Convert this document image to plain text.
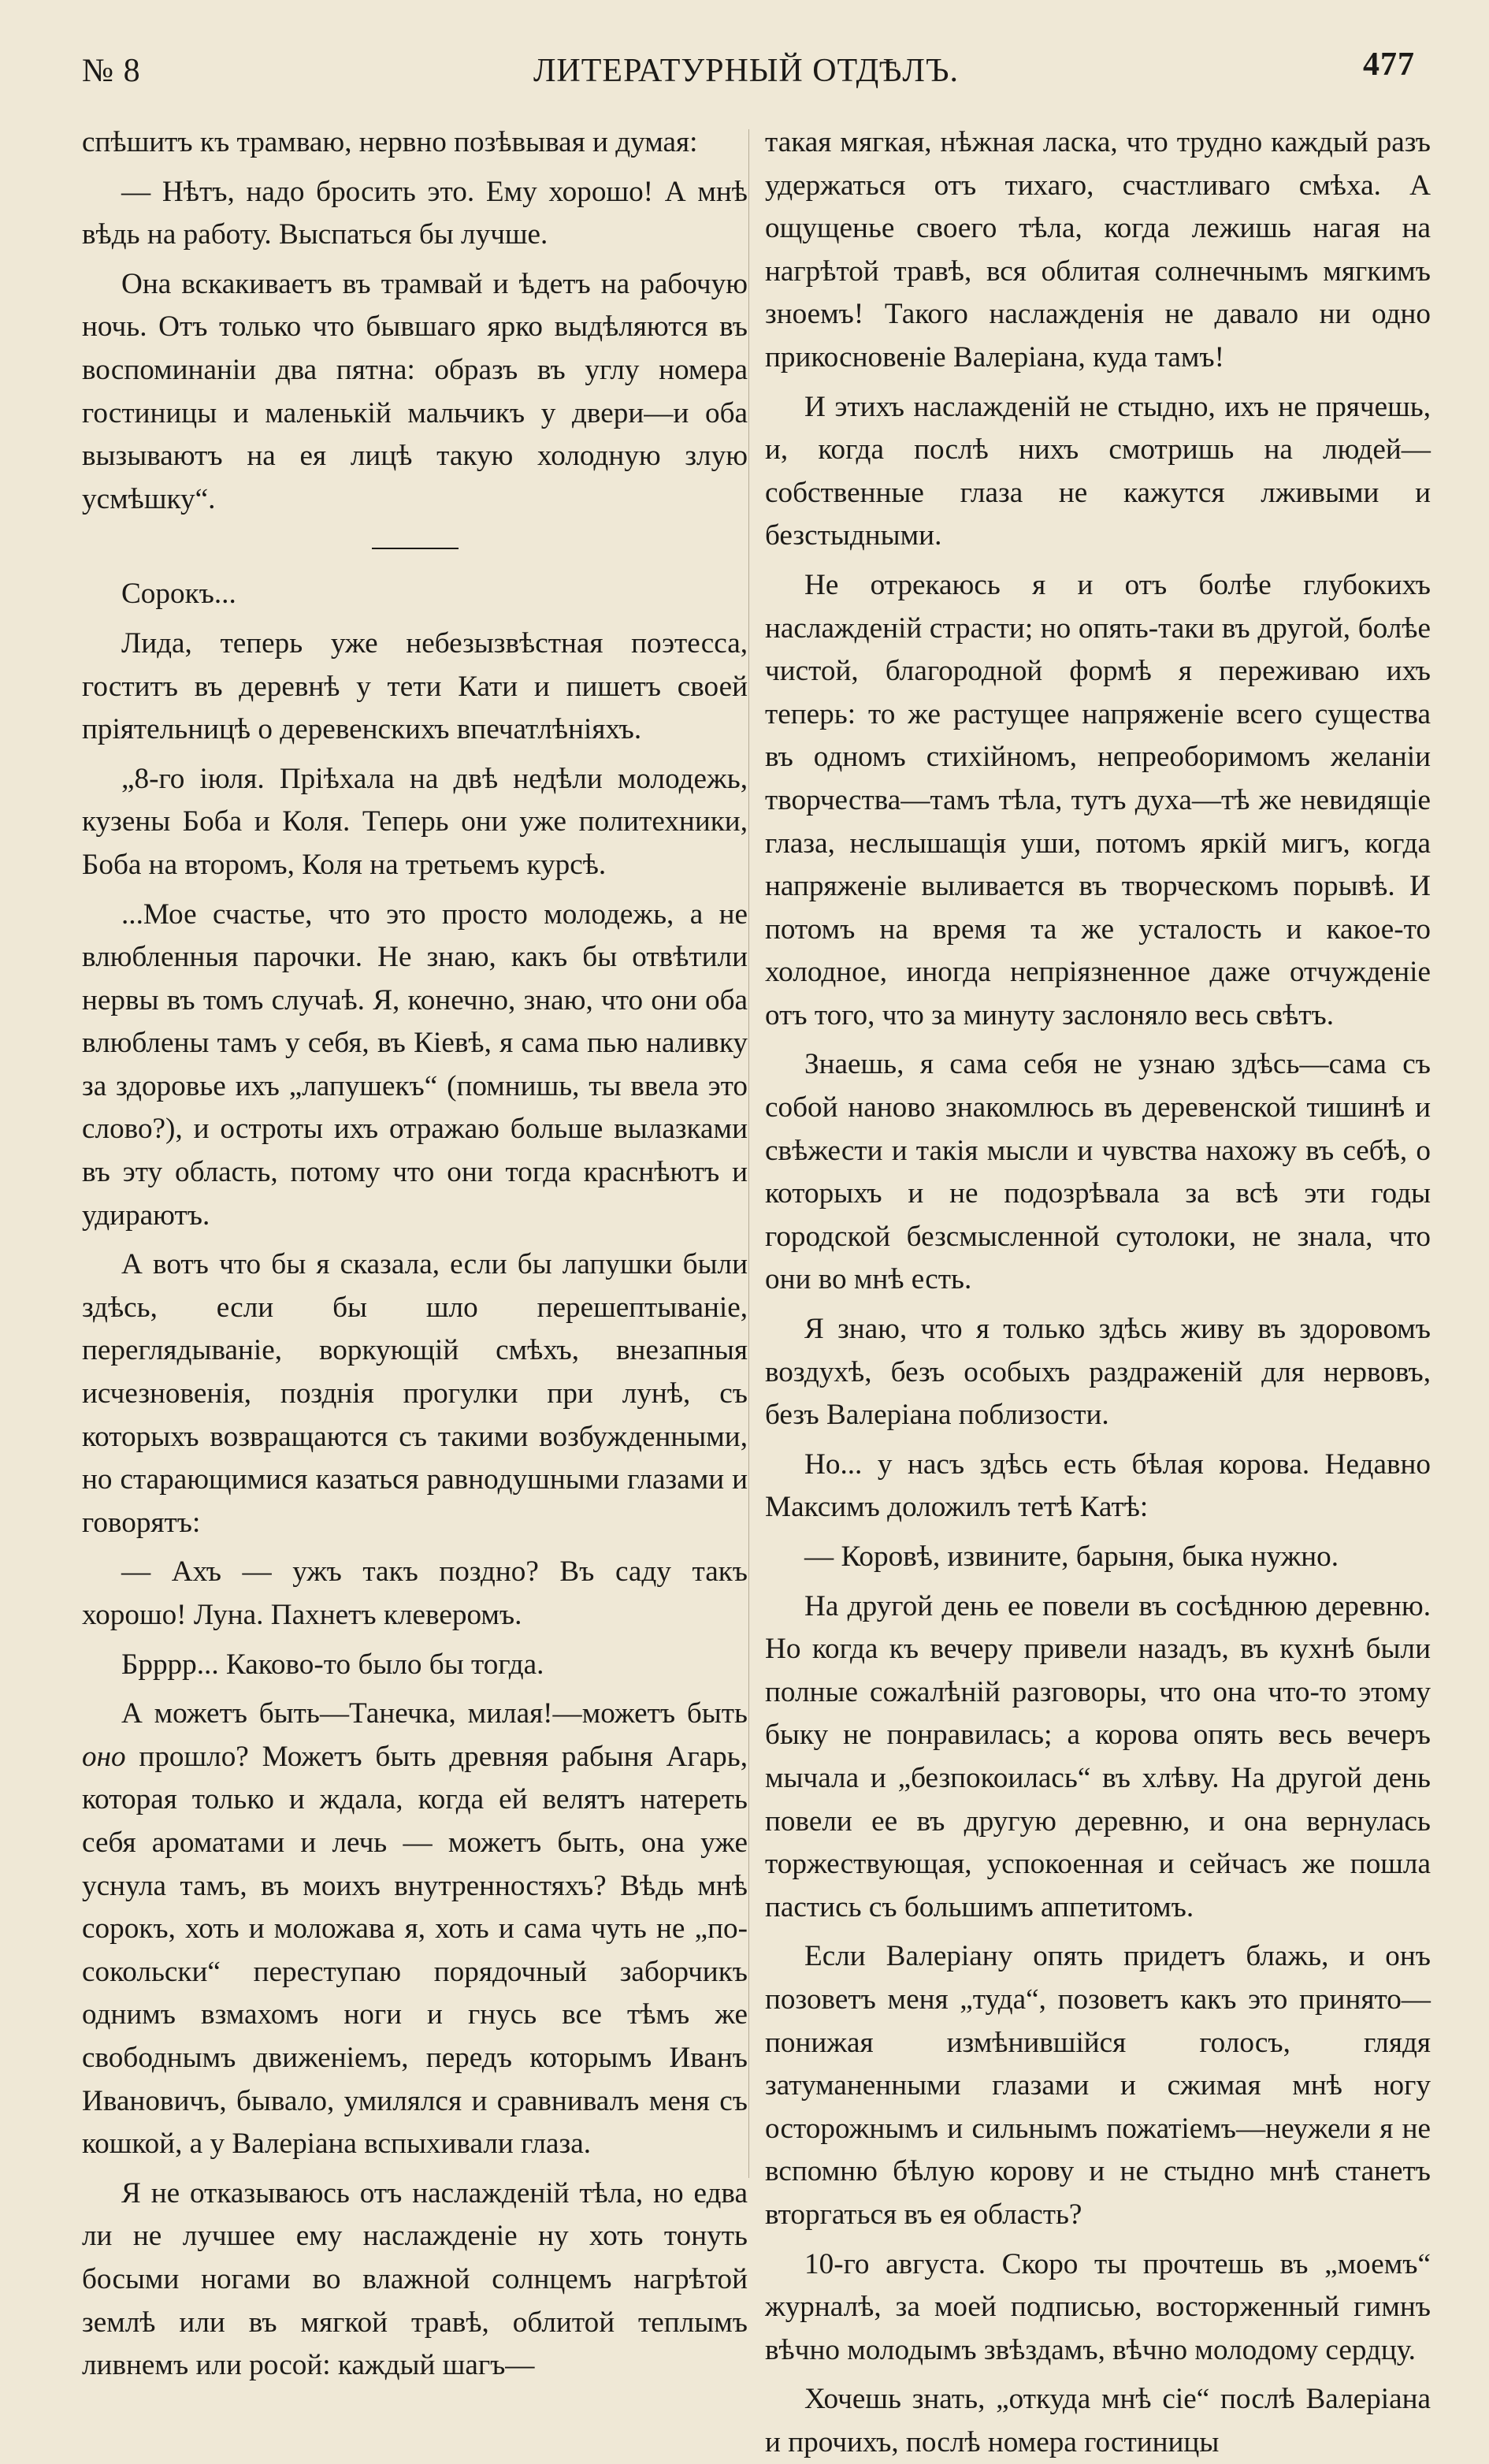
№ 8	ЛИТЕРАТУРНЫЙ ОТДѢЛЪ.	477

спѣшитъ къ трамваю, нервно позѣвывая и думая:

— Нѣтъ, надо бросить это. Ему хорошо! А мнѣ вѣдь на работу. Выспаться бы лучше.

Она вскакиваетъ въ трамвай и ѣдетъ на рабочую ночь. Отъ только что бывшаго ярко выдѣляются въ воспоминаніи два пятна: образъ въ углу номера гостиницы и маленькій мальчикъ у двери—и оба вызываютъ на ея лицѣ такую холодную злую усмѣшку“.

Сорокъ...

Лида, теперь уже небезызвѣстная поэтесса, гоститъ въ деревнѣ у тети Кати и пишетъ своей пріятельницѣ о деревенскихъ впечатлѣніяхъ.

„8-го іюля. Пріѣхала на двѣ недѣли молодежь, кузены Боба и Коля. Теперь они уже политехники, Боба на второмъ, Коля на третьемъ курсѣ.

...Мое счастье, что это просто молодежь, а не влюбленныя парочки. Не знаю, какъ бы отвѣтили нервы въ томъ случаѣ. Я, конечно, знаю, что они оба влюблены тамъ у себя, въ Кіевѣ, я сама пью наливку за здоровье ихъ „лапушекъ“ (помнишь, ты ввела это слово?), и остроты ихъ отражаю больше вылазками въ эту область, потому что они тогда краснѣютъ и удираютъ.

А вотъ что бы я сказала, если бы лапушки были здѣсь, если бы шло перешептываніе, переглядываніе, воркующій смѣхъ, внезапныя исчезновенія, позднія прогулки при лунѣ, съ которыхъ возвращаются съ такими возбужденными, но старающимися казаться равнодушными глазами и говорятъ:

— Ахъ — ужъ такъ поздно? Въ саду такъ хорошо! Луна. Пахнетъ клеверомъ.

Брррр... Каково-то было бы тогда.

А можетъ быть—Танечка, милая!—можетъ быть оно прошло? Можетъ быть древняя рабыня Агарь, которая только и ждала, когда ей велятъ натереть себя ароматами и лечь — можетъ быть, она уже уснула тамъ, въ моихъ внутренностяхъ? Вѣдь мнѣ сорокъ, хоть и моложава я, хоть и сама чуть не „по-сокольски“ переступаю порядочный заборчикъ однимъ взмахомъ ноги и гнусь все тѣмъ же свободнымъ движеніемъ, передъ которымъ Иванъ Ивановичъ, бывало, умилялся и сравнивалъ меня съ кошкой, а у Валеріана вспыхивали глаза.

Я не отказываюсь отъ наслажденій тѣла, но едва ли не лучшее ему наслажденіе ну хоть тонуть босыми ногами во влажной солнцемъ нагрѣтой землѣ или въ мягкой травѣ, облитой теплымъ ливнемъ или росой: каждый шагъ—

такая мягкая, нѣжная ласка, что трудно каждый разъ удержаться отъ тихаго, счастливаго смѣха. А ощущенье своего тѣла, когда лежишь нагая на нагрѣтой травѣ, вся облитая солнечнымъ мягкимъ зноемъ! Такого наслажденія не давало ни одно прикосновеніе Валеріана, куда тамъ!

И этихъ наслажденій не стыдно, ихъ не прячешь, и, когда послѣ нихъ смотришь на людей—собственные глаза не кажутся лживыми и безстыдными.

Не отрекаюсь я и отъ болѣе глубокихъ наслажденій страсти; но опять-таки въ другой, болѣе чистой, благородной формѣ я переживаю ихъ теперь: то же растущее напряженіе всего существа въ одномъ стихійномъ, непреоборимомъ желаніи творчества—тамъ тѣла, тутъ духа—тѣ же невидящіе глаза, неслышащія уши, потомъ яркій мигъ, когда напряженіе выливается въ творческомъ порывѣ. И потомъ на время та же усталость и какое-то холодное, иногда непріязненное даже отчужденіе отъ того, что за минуту заслоняло весь свѣтъ.

Знаешь, я сама себя не узнаю здѣсь—сама съ собой наново знакомлюсь въ деревенской тишинѣ и свѣжести и такія мысли и чувства нахожу въ себѣ, о которыхъ и не подозрѣвала за всѣ эти годы городской безсмысленной сутолоки, не знала, что они во мнѣ есть.

Я знаю, что я только здѣсь живу въ здоровомъ воздухѣ, безъ особыхъ раздраженій для нервовъ, безъ Валеріана поблизости.

Но... у насъ здѣсь есть бѣлая корова. Недавно Максимъ доложилъ тетѣ Катѣ:

— Коровѣ, извините, барыня, быка нужно.

На другой день ее повели въ сосѣднюю деревню. Но когда къ вечеру привели назадъ, въ кухнѣ были полные сожалѣній разговоры, что она что-то этому быку не понравилась; а корова опять весь вечеръ мычала и „безпокоилась“ въ хлѣву. На другой день повели ее въ другую деревню, и она вернулась торжествующая, успокоенная и сейчасъ же пошла пастись съ большимъ аппетитомъ.

Если Валеріану опять придетъ блажь, и онъ позоветъ меня „туда“, позоветъ какъ это принято—понижая измѣнившійся голосъ, глядя затуманенными глазами и сжимая мнѣ ногу осторожнымъ и сильнымъ пожатіемъ—неужели я не вспомню бѣлую корову и не стыдно мнѣ станетъ вторгаться въ ея область?

10-го августа. Скоро ты прочтешь въ „моемъ“ журналѣ, за моей подписью, восторженный гимнъ вѣчно молодымъ звѣздамъ, вѣчно молодому сердцу.

Хочешь знать, „откуда мнѣ сіе“ послѣ Валеріана и прочихъ, послѣ номера гостиницы
